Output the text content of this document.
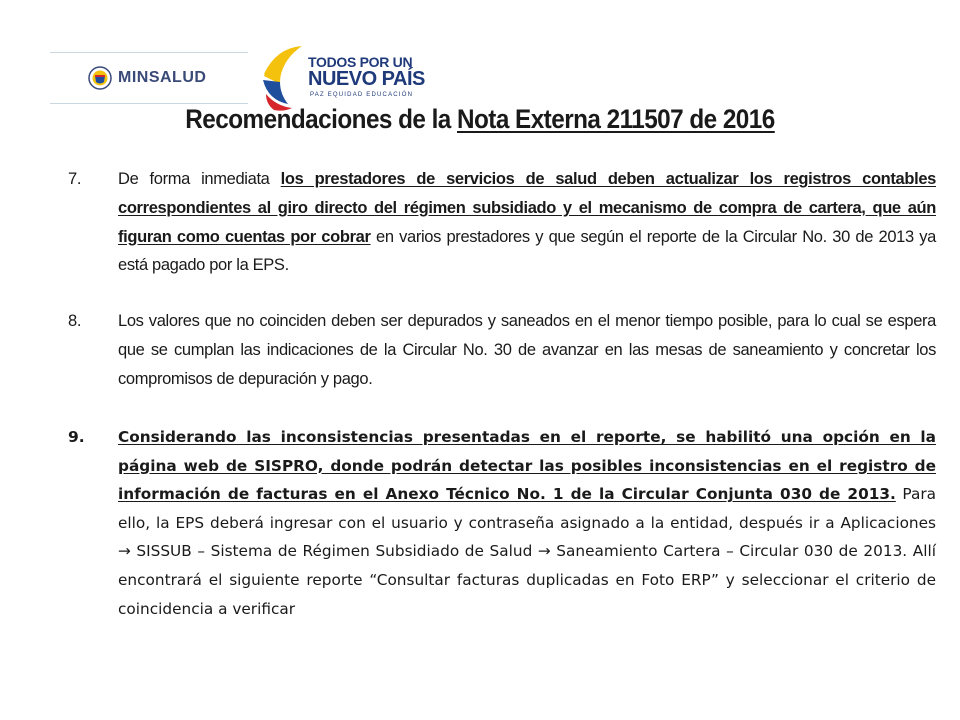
MINSALUD
TODOS POR UN
NUEVO PAÍS
PAZ EQUIDAD EDUCACIÓN
Recomendaciones de la Nota Externa 211507 de 2016
7.	De forma inmediata los prestadores de servicios de salud deben actualizar los registros contables correspondientes al giro directo del régimen subsidiado y el mecanismo de compra de cartera, que aún figuran como cuentas por cobrar en varios prestadores y que según el reporte de la Circular No. 30 de 2013 ya está pagado por la EPS.
8.	Los valores que no coinciden deben ser depurados y saneados en el menor tiempo posible, para lo cual se espera que se cumplan las indicaciones de la Circular No. 30 de avanzar en las mesas de saneamiento y concretar los compromisos de depuración y pago.
9.	Considerando las inconsistencias presentadas en el reporte, se habilitó una opción en la página web de SISPRO, donde podrán detectar las posibles inconsistencias en el registro de información de facturas en el Anexo Técnico No. 1 de la Circular Conjunta 030 de 2013. Para ello, la EPS deberá ingresar con el usuario y contraseña asignado a la entidad, después ir a Aplicaciones → SISSUB – Sistema de Régimen Subsidiado de Salud → Saneamiento Cartera – Circular 030 de 2013. Allí encontrará el siguiente reporte “Consultar facturas duplicadas en Foto ERP” y seleccionar el criterio de coincidencia a verificar
